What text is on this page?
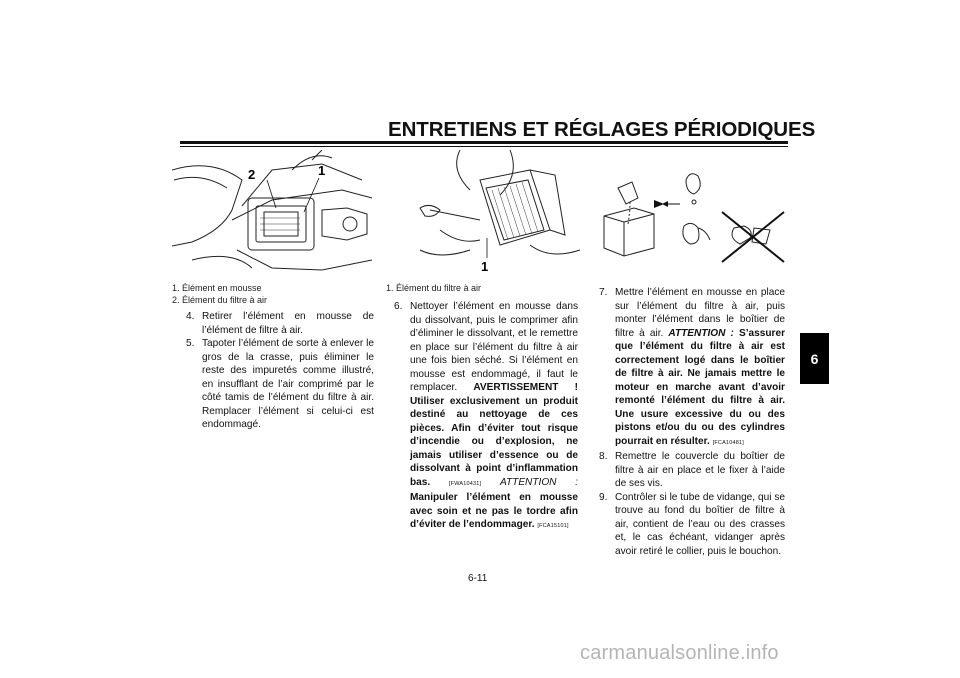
ENTRETIENS ET RÉGLAGES PÉRIODIQUES
6
2	1
1. Élément en mousse
2. Élément du filtre à air
1
1. Élément du filtre à air
4. Retirer l’élément en mousse de l’élément de filtre à air.
5. Tapoter l’élément de sorte à enlever le gros de la crasse, puis éliminer le reste des impuretés comme illustré, en insufflant de l’air comprimé par le côté tamis de l’élément du filtre à air. Remplacer l’élément si celui-ci est endommagé.
6. Nettoyer l’élément en mousse dans du dissolvant, puis le comprimer afin d’éliminer le dissolvant, et le remettre en place sur l’élément du filtre à air une fois bien séché. Si l’élément en mousse est endommagé, il faut le remplacer. AVERTISSEMENT ! Utiliser exclusivement un produit destiné au nettoyage de ces pièces. Afin d’éviter tout risque d’incendie ou d’explosion, ne jamais utiliser d’essence ou de dissolvant à point d’inflammation bas.	[FWA10431] ATTENTION : Manipuler l’élément en mousse avec soin et ne pas le tordre afin d’éviter de l’endommager. [FCA15101]
7. Mettre l’élément en mousse en place sur l’élément du filtre à air, puis monter l’élément dans le boîtier de filtre à air. ATTENTION : S’assurer que l’élément du filtre à air est correctement logé dans le boîtier de filtre à air. Ne jamais mettre le moteur en marche avant d’avoir remonté l’élément du filtre à air. Une usure excessive du ou des pistons et/ou du ou des cylindres pourrait en résulter. [FCA10481]
8. Remettre le couvercle du boîtier de filtre à air en place et le fixer à l’aide de ses vis.
9. Contrôler si le tube de vidange, qui se trouve au fond du boîtier de filtre à air, contient de l’eau ou des crasses et, le cas échéant, vidanger après avoir retiré le collier, puis le bouchon.
6-11
carmanualsonline.info
